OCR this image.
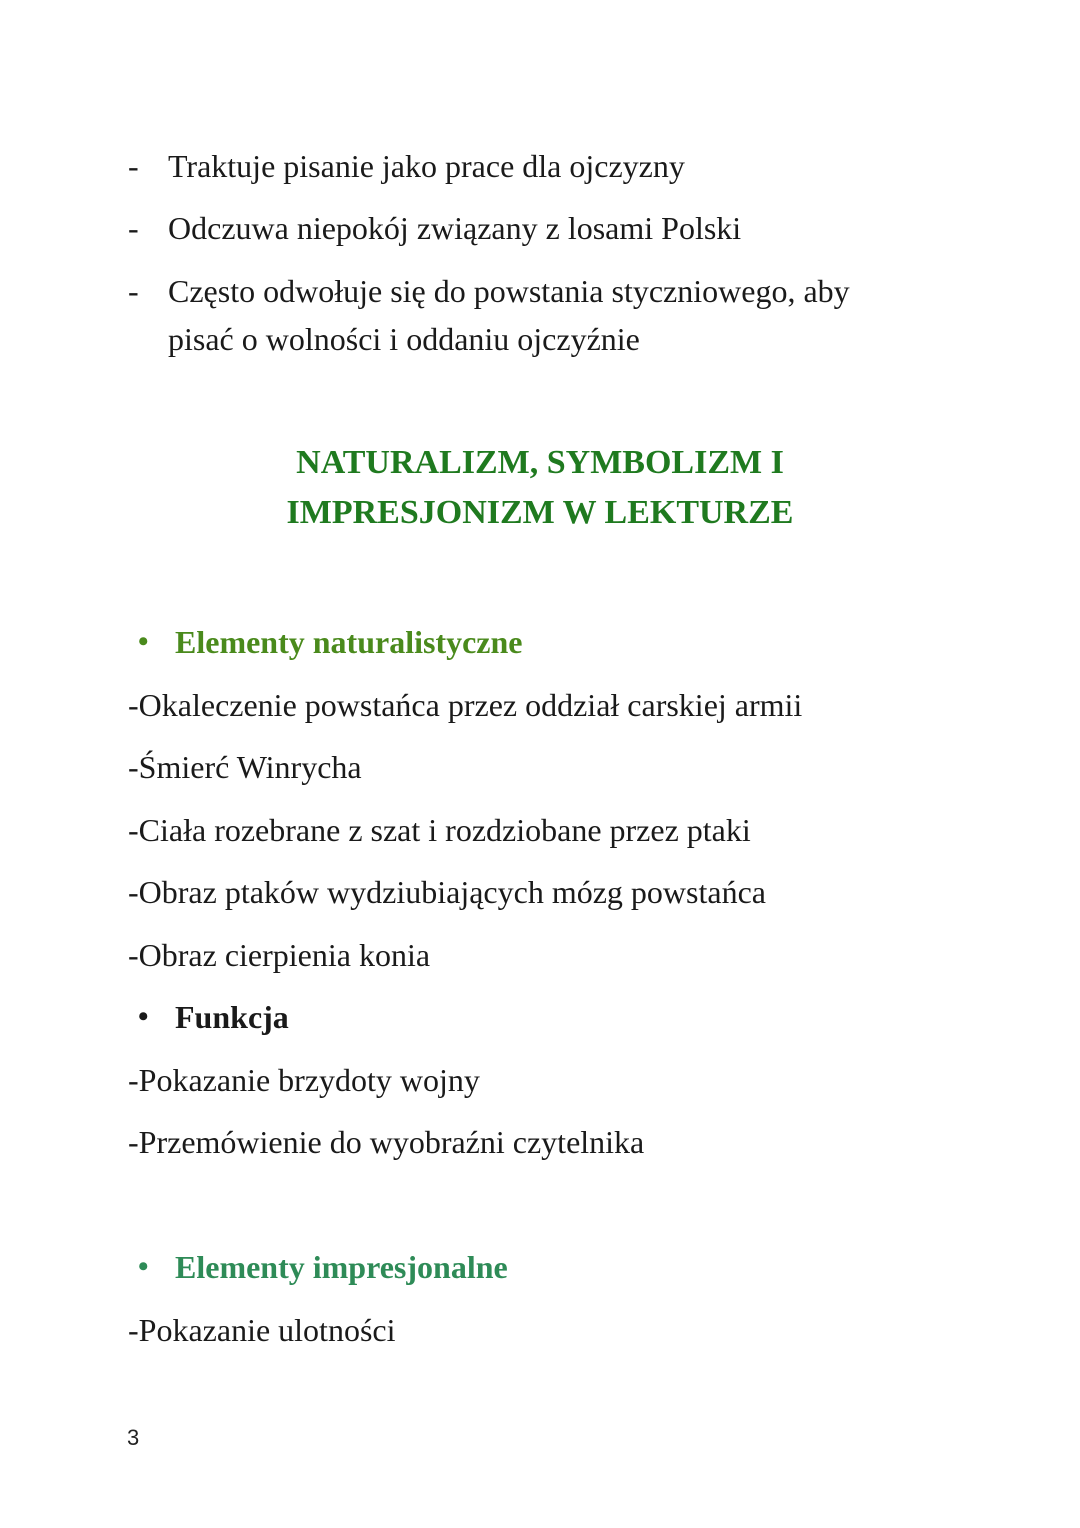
- Traktuje pisanie jako prace dla ojczyzny
- Odczuwa niepokój związany z losami Polski
- Często odwołuje się do powstania styczniowego, aby
pisać o wolności i oddaniu ojczyźnie
NATURALIZM, SYMBOLIZM I
IMPRESJONIZM W LEKTURZE
• Elementy naturalistyczne
-Okaleczenie powstańca przez oddział carskiej armii
-Śmierć Winrycha
-Ciała rozebrane z szat i rozdziobane przez ptaki
-Obraz ptaków wydziubiających mózg powstańca
-Obraz cierpienia konia
• Funkcja
-Pokazanie brzydoty wojny
-Przemówienie do wyobraźni czytelnika
• Elementy impresjonalne
-Pokazanie ulotności
3
